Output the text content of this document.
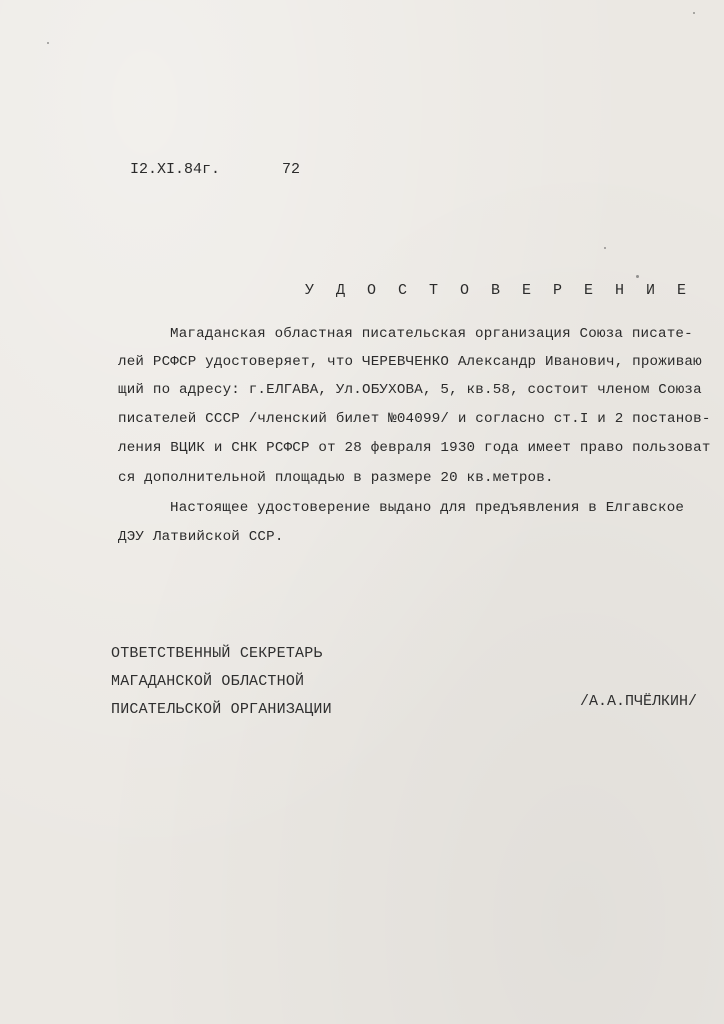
I2.XI.84г.	72
У Д О С Т О В Е Р Е Н И Е
Магаданская областная писательская организация Союза писате-
лей РСФСР удостоверяет, что ЧЕРЕВЧЕНКО Александр Иванович, проживаю
щий по адресу: г.ЕЛГАВА, Ул.ОБУХОВА, 5, кв.58, состоит членом Союза
писателей СССР /членский билет №04099/ и согласно ст.I и 2 постанов-
ления ВЦИК и СНК РСФСР от 28 февраля 1930 года имеет право пользоват
ся дополнительной площадью в размере 20 кв.метров.
Настоящее удостоверение выдано для предъявления в Елгавское
ДЭУ Латвийской ССР.
ОТВЕТСТВЕННЫЙ СЕКРЕТАРЬ
МАГАДАНСКОЙ ОБЛАСТНОЙ
ПИСАТЕЛЬСКОЙ ОРГАНИЗАЦИИ	/А.А.ПЧЁЛКИН/
